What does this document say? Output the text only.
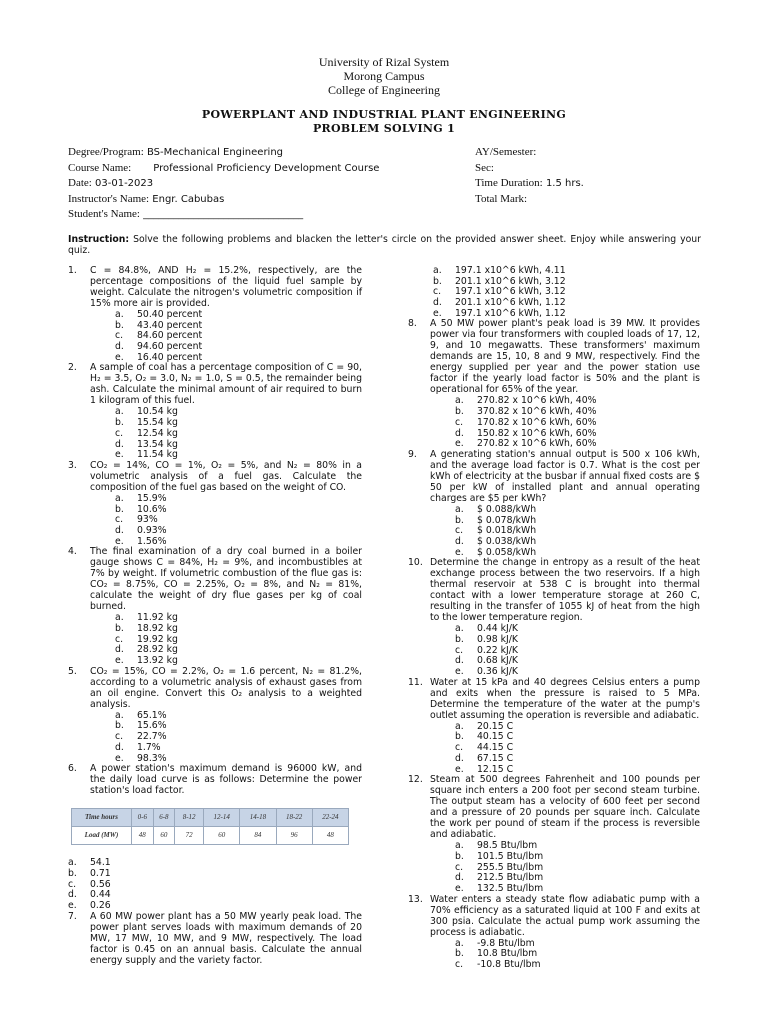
University of Rizal System
Morong Campus
College of Engineering
POWERPLANT AND INDUSTRIAL PLANT ENGINEERING
PROBLEM SOLVING 1
Degree/Program: BS-Mechanical Engineering
Course Name: Professional Proficiency Development Course
Date: 03-01-2023
Instructor's Name: Engr. Cabubas
Student's Name: ________________________________
AY/Semester:
Sec:
Time Duration: 1.5 hrs.
Total Mark:
Instruction: Solve the following problems and blacken the letter's circle on the provided answer sheet. Enjoy while answering your quiz.
1. C = 84.8%, AND H₂ = 15.2%, respectively, are the percentage compositions of the liquid fuel sample by weight. Calculate the nitrogen's volumetric composition if 15% more air is provided.
a. 50.40 percent
b. 43.40 percent
c. 84.60 percent
d. 94.60 percent
e. 16.40 percent
2. A sample of coal has a percentage composition of C = 90, H₂ = 3.5, O₂ = 3.0, N₂ = 1.0, S = 0.5, the remainder being ash. Calculate the minimal amount of air required to burn 1 kilogram of this fuel.
a. 10.54 kg
b. 15.54 kg
c. 12.54 kg
d. 13.54 kg
e. 11.54 kg
3. CO₂ = 14%, CO = 1%, O₂ = 5%, and N₂ = 80% in a volumetric analysis of a fuel gas. Calculate the composition of the fuel gas based on the weight of CO.
a. 15.9%
b. 10.6%
c. 93%
d. 0.93%
e. 1.56%
4. The final examination of a dry coal burned in a boiler gauge shows C = 84%, H₂ = 9%, and incombustibles at 7% by weight. If volumetric combustion of the flue gas is: CO₂ = 8.75%, CO = 2.25%, O₂ = 8%, and N₂ = 81%, calculate the weight of dry flue gases per kg of coal burned.
a. 11.92 kg
b. 18.92 kg
c. 19.92 kg
d. 28.92 kg
e. 13.92 kg
5. CO₂ = 15%, CO = 2.2%, O₂ = 1.6 percent, N₂ = 81.2%, according to a volumetric analysis of exhaust gases from an oil engine. Convert this O₂ analysis to a weighted analysis.
a. 65.1%
b. 15.6%
c. 22.7%
d. 1.7%
e. 98.3%
6. A power station's maximum demand is 96000 kW, and the daily load curve is as follows: Determine the power station's load factor.
Time hours	0-6	6-8	8-12	12-14	14-18	18-22	22-24
Load (MW)	48	60	72	60	84	96	48
a. 54.1
b. 0.71
c. 0.56
d. 0.44
e. 0.26
7. A 60 MW power plant has a 50 MW yearly peak load. The power plant serves loads with maximum demands of 20 MW, 17 MW, 10 MW, and 9 MW, respectively. The load factor is 0.45 on an annual basis. Calculate the annual energy supply and the variety factor.
a. 197.1 x10^6 kWh, 4.11
b. 201.1 x10^6 kWh, 3.12
c. 197.1 x10^6 kWh, 3.12
d. 201.1 x10^6 kWh, 1.12
e. 197.1 x10^6 kWh, 1.12
8. A 50 MW power plant's peak load is 39 MW. It provides power via four transformers with coupled loads of 17, 12, 9, and 10 megawatts. These transformers' maximum demands are 15, 10, 8 and 9 MW, respectively. Find the energy supplied per year and the power station use factor if the yearly load factor is 50% and the plant is operational for 65% of the year.
a. 270.82 x 10^6 kWh, 40%
b. 370.82 x 10^6 kWh, 40%
c. 170.82 x 10^6 kWh, 60%
d. 150.82 x 10^6 kWh, 60%
e. 270.82 x 10^6 kWh, 60%
9. A generating station's annual output is 500 x 106 kWh, and the average load factor is 0.7. What is the cost per kWh of electricity at the busbar if annual fixed costs are $ 50 per kW of installed plant and annual operating charges are $5 per kWh?
a. $ 0.088/kWh
b. $ 0.078/kWh
c. $ 0.018/kWh
d. $ 0.038/kWh
e. $ 0.058/kWh
10. Determine the change in entropy as a result of the heat exchange process between the two reservoirs. If a high thermal reservoir at 538 C is brought into thermal contact with a lower temperature storage at 260 C, resulting in the transfer of 1055 kJ of heat from the high to the lower temperature region.
a. 0.44 kJ/K
b. 0.98 kJ/K
c. 0.22 kJ/K
d. 0.68 kJ/K
e. 0.36 kJ/K
11. Water at 15 kPa and 40 degrees Celsius enters a pump and exits when the pressure is raised to 5 MPa. Determine the temperature of the water at the pump's outlet assuming the operation is reversible and adiabatic.
a. 20.15 C
b. 40.15 C
c. 44.15 C
d. 67.15 C
e. 12.15 C
12. Steam at 500 degrees Fahrenheit and 100 pounds per square inch enters a 200 foot per second steam turbine. The output steam has a velocity of 600 feet per second and a pressure of 20 pounds per square inch. Calculate the work per pound of steam if the process is reversible and adiabatic.
a. 98.5 Btu/lbm
b. 101.5 Btu/lbm
c. 255.5 Btu/lbm
d. 212.5 Btu/lbm
e. 132.5 Btu/lbm
13. Water enters a steady state flow adiabatic pump with a 70% efficiency as a saturated liquid at 100 F and exits at 300 psia. Calculate the actual pump work assuming the process is adiabatic.
a. -9.8 Btu/lbm
b. 10.8 Btu/lbm
c. -10.8 Btu/lbm
